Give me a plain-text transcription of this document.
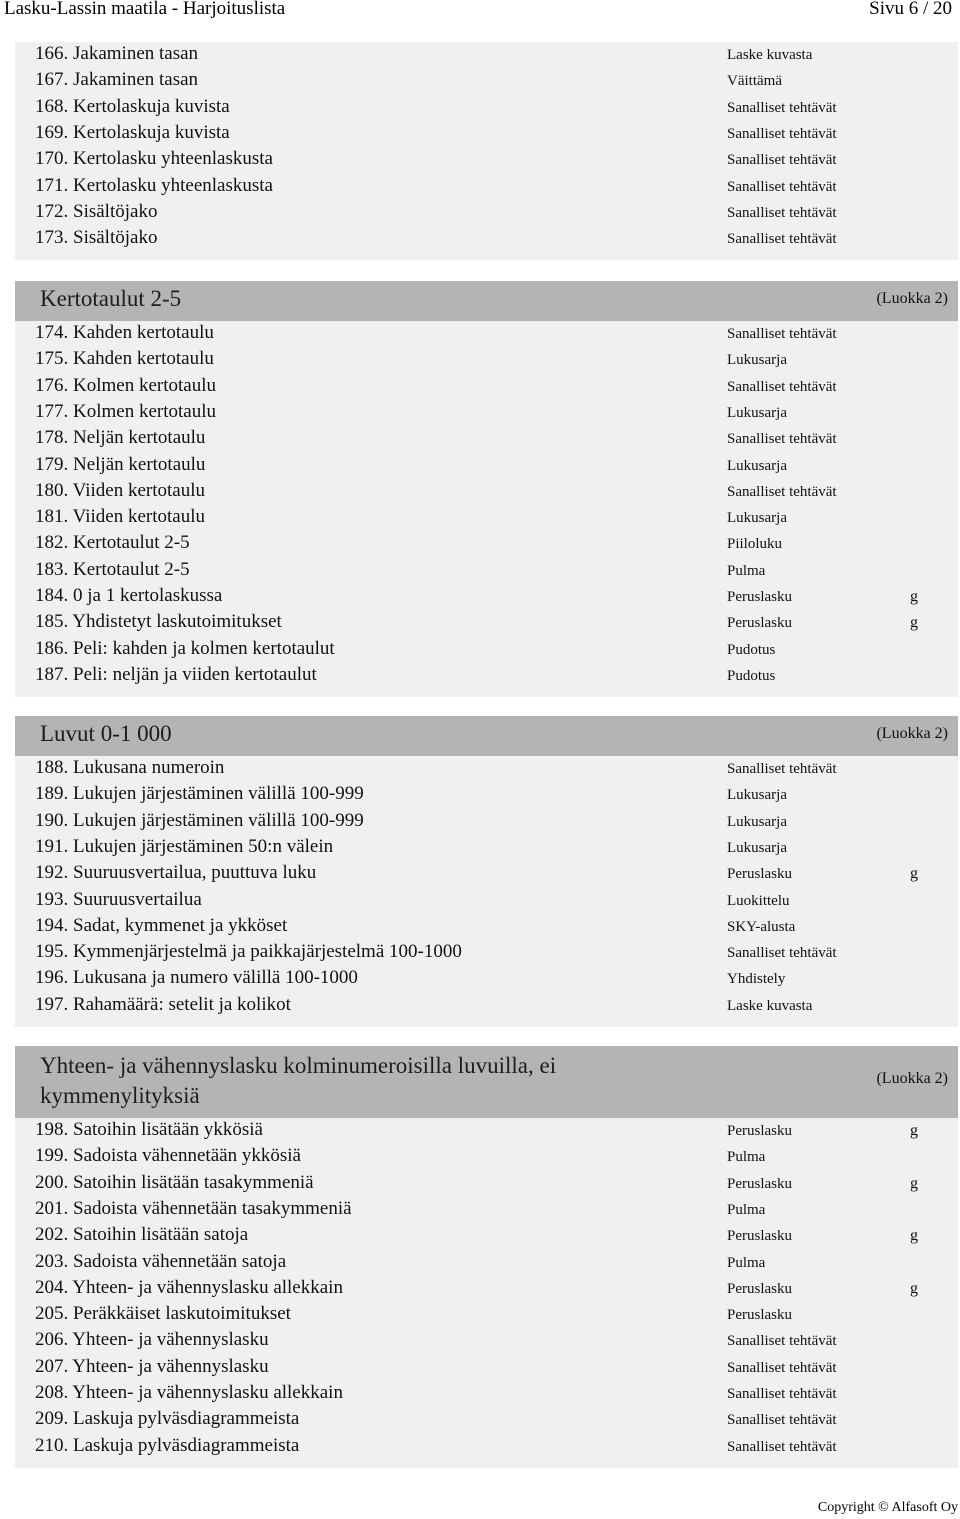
Lasku-Lassin maatila - Harjoituslista	Sivu 6 / 20
166. Jakaminen tasan	Laske kuvasta
167. Jakaminen tasan	Väittämä
168. Kertolaskuja kuvista	Sanalliset tehtävät
169. Kertolaskuja kuvista	Sanalliset tehtävät
170. Kertolasku yhteenlaskusta	Sanalliset tehtävät
171. Kertolasku yhteenlaskusta	Sanalliset tehtävät
172. Sisältöjako	Sanalliset tehtävät
173. Sisältöjako	Sanalliset tehtävät
Kertotaulut 2-5	(Luokka 2)
174. Kahden kertotaulu	Sanalliset tehtävät
175. Kahden kertotaulu	Lukusarja
176. Kolmen kertotaulu	Sanalliset tehtävät
177. Kolmen kertotaulu	Lukusarja
178. Neljän kertotaulu	Sanalliset tehtävät
179. Neljän kertotaulu	Lukusarja
180. Viiden kertotaulu	Sanalliset tehtävät
181. Viiden kertotaulu	Lukusarja
182. Kertotaulut 2-5	Piiloluku
183. Kertotaulut 2-5	Pulma
184. 0 ja 1 kertolaskussa	Peruslasku	g
185. Yhdistetyt laskutoimitukset	Peruslasku	g
186. Peli: kahden ja kolmen kertotaulut	Pudotus
187. Peli: neljän ja viiden kertotaulut	Pudotus
Luvut 0-1 000	(Luokka 2)
188. Lukusana numeroin	Sanalliset tehtävät
189. Lukujen järjestäminen välillä 100-999	Lukusarja
190. Lukujen järjestäminen välillä 100-999	Lukusarja
191. Lukujen järjestäminen 50:n välein	Lukusarja
192. Suuruusvertailua, puuttuva luku	Peruslasku	g
193. Suuruusvertailua	Luokittelu
194. Sadat, kymmenet ja ykköset	SKY-alusta
195. Kymmenjärjestelmä ja paikkajärjestelmä 100-1000	Sanalliset tehtävät
196. Lukusana ja numero välillä 100-1000	Yhdistely
197. Rahamäärä: setelit ja kolikot	Laske kuvasta
Yhteen- ja vähennyslasku kolminumeroisilla luvuilla, ei kymmenylityksiä
(Luokka 2)
198. Satoihin lisätään ykkösiä	Peruslasku	g
199. Sadoista vähennetään ykkösiä	Pulma
200. Satoihin lisätään tasakymmeniä	Peruslasku	g
201. Sadoista vähennetään tasakymmeniä	Pulma
202. Satoihin lisätään satoja	Peruslasku	g
203. Sadoista vähennetään satoja	Pulma
204. Yhteen- ja vähennyslasku allekkain	Peruslasku	g
205. Peräkkäiset laskutoimitukset	Peruslasku
206. Yhteen- ja vähennyslasku	Sanalliset tehtävät
207. Yhteen- ja vähennyslasku	Sanalliset tehtävät
208. Yhteen- ja vähennyslasku allekkain	Sanalliset tehtävät
209. Laskuja pylväsdiagrammeista	Sanalliset tehtävät
210. Laskuja pylväsdiagrammeista	Sanalliset tehtävät
Copyright © Alfasoft Oy
